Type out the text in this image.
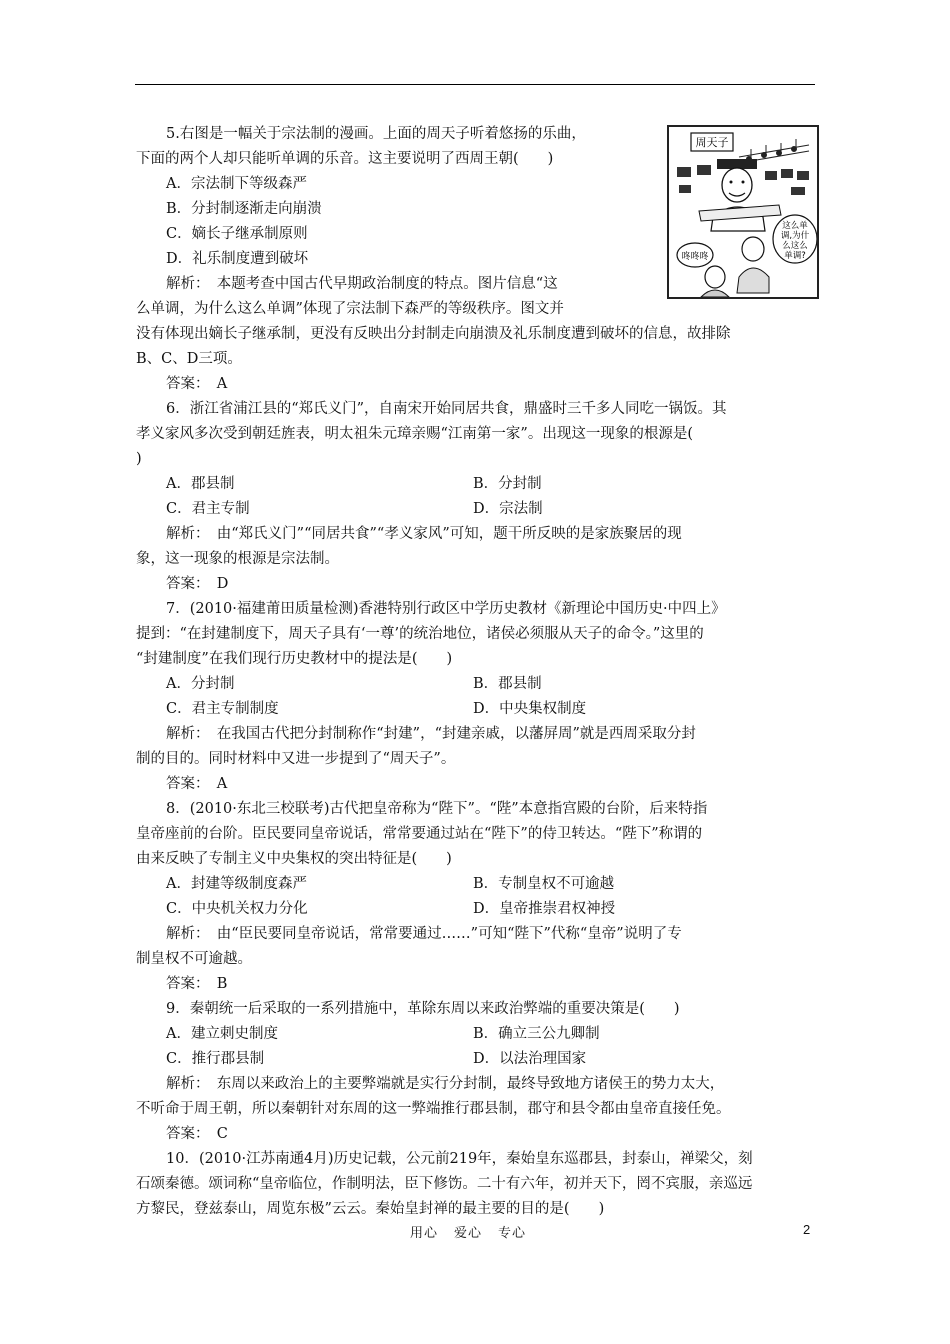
周天子
这么单
调,为什
么这么
单调?
咚咚咚
5.右图是一幅关于宗法制的漫画。上面的周天子听着悠扬的乐曲，
下面的两个人却只能听单调的乐音。这主要说明了西周王朝(　　)
A．宗法制下等级森严
B．分封制逐渐走向崩溃
C．嫡长子继承制原则
D．礼乐制度遭到破坏
解析：　本题考查中国古代早期政治制度的特点。图片信息“这
么单调，为什么这么单调”体现了宗法制下森严的等级秩序。图文并
没有体现出嫡长子继承制，更没有反映出分封制走向崩溃及礼乐制度遭到破坏的信息，故排除
B、C、D三项。
答案：　A
6．浙江省浦江县的“郑氏义门”，自南宋开始同居共食，鼎盛时三千多人同吃一锅饭。其
孝义家风多次受到朝廷旌表，明太祖朱元璋亲赐“江南第一家”。出现这一现象的根源是(
)
A．郡县制	B．分封制
C．君主专制	D．宗法制
解析：　由“郑氏义门”“同居共食”“孝义家风”可知，题干所反映的是家族聚居的现
象，这一现象的根源是宗法制。
答案：　D
7．(2010·福建莆田质量检测)香港特别行政区中学历史教材《新理论中国历史·中四上》
提到：“在封建制度下，周天子具有‘一尊’的统治地位，诸侯必须服从天子的命令。”这里的
“封建制度”在我们现行历史教材中的提法是(　　)
A．分封制	B．郡县制
C．君主专制制度	D．中央集权制度
解析：　在我国古代把分封制称作“封建”，“封建亲戚，以藩屏周”就是西周采取分封
制的目的。同时材料中又进一步提到了“周天子”。
答案：　A
8．(2010·东北三校联考)古代把皇帝称为“陛下”。“陛”本意指宫殿的台阶，后来特指
皇帝座前的台阶。臣民要同皇帝说话，常常要通过站在“陛下”的侍卫转达。“陛下”称谓的
由来反映了专制主义中央集权的突出特征是(　　)
A．封建等级制度森严	B．专制皇权不可逾越
C．中央机关权力分化	D．皇帝推崇君权神授
解析：　由“臣民要同皇帝说话，常常要通过……”可知“陛下”代称“皇帝”说明了专
制皇权不可逾越。
答案：　B
9．秦朝统一后采取的一系列措施中，革除东周以来政治弊端的重要决策是(　　)
A．建立刺史制度	B．确立三公九卿制
C．推行郡县制	D．以法治理国家
解析：　东周以来政治上的主要弊端就是实行分封制，最终导致地方诸侯王的势力太大，
不听命于周王朝，所以秦朝针对东周的这一弊端推行郡县制，郡守和县令都由皇帝直接任免。
答案：　C
10．(2010·江苏南通4月)历史记载，公元前219年，秦始皇东巡郡县，封泰山，禅梁父，刻
石颂秦德。颂词称“皇帝临位，作制明法，臣下修饬。二十有六年，初并天下，罔不宾服，亲巡远
方黎民，登兹泰山，周览东极”云云。秦始皇封禅的最主要的目的是(　　)
用心 爱心 专心	2
